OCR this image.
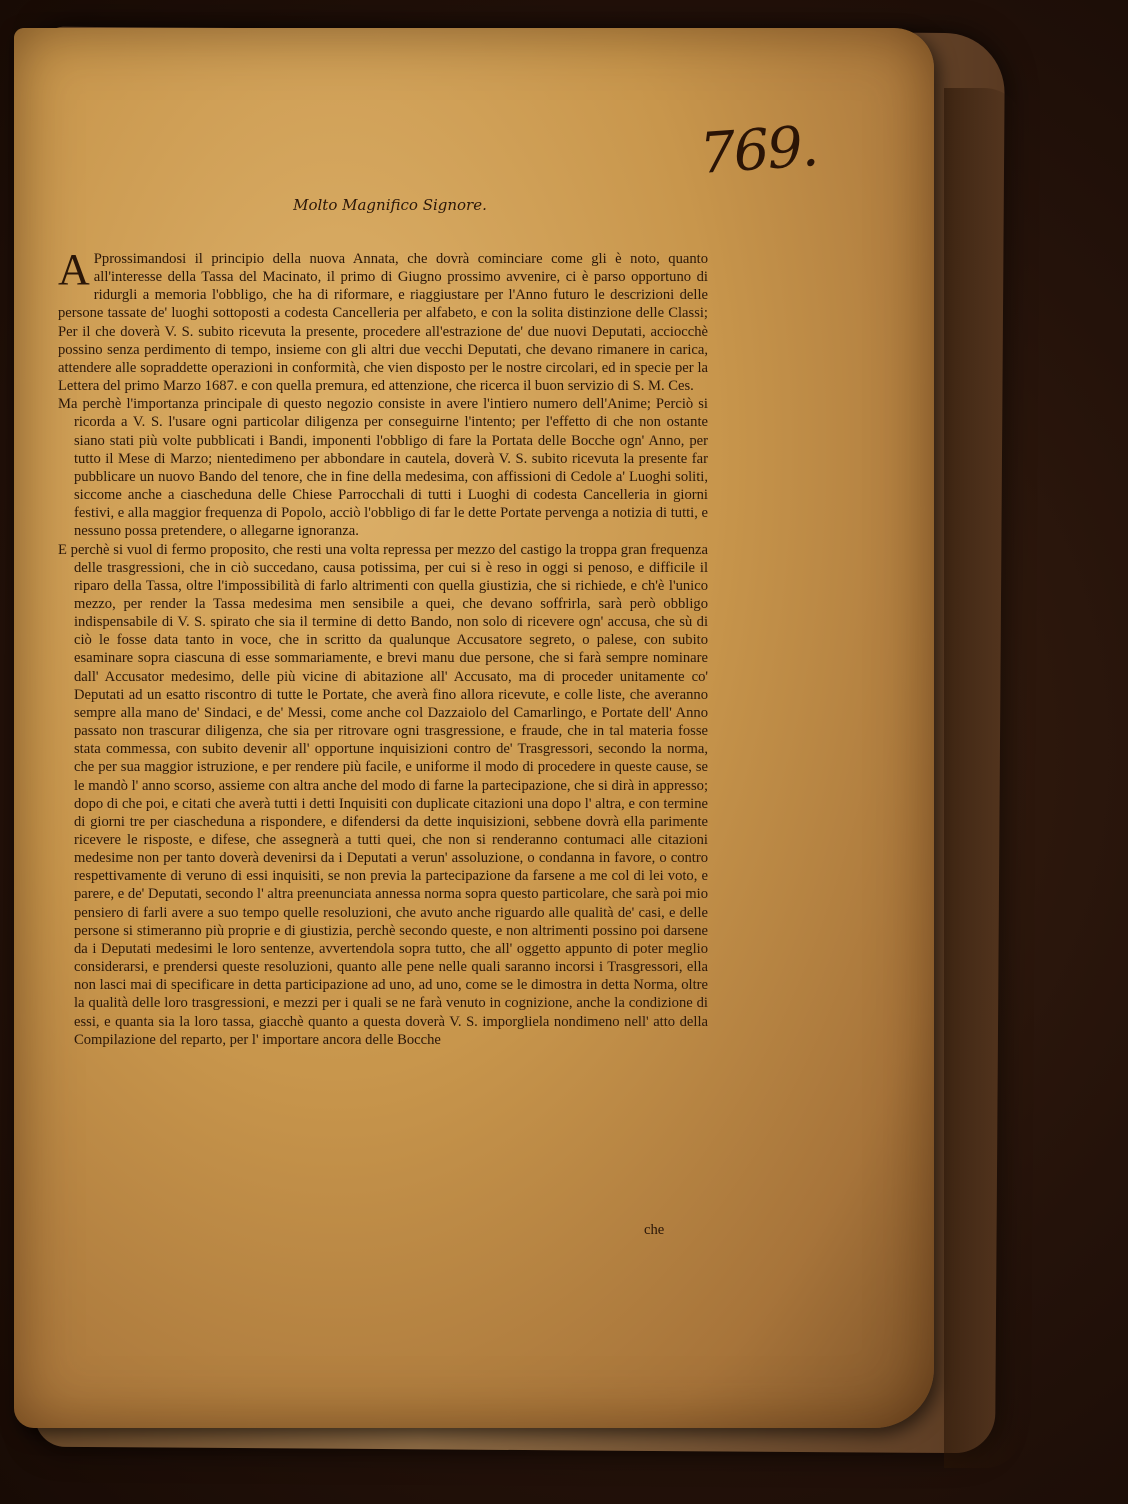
769.
Molto Magnifico Signore.

A Pprossimandosi il principio della nuova Annata, che dovrà cominciare come gli è noto, quanto all'interesse della Tassa del Macinato, il primo di Giugno prossimo avvenire, ci è parso opportuno di ridurgli a memoria l'obbligo, che ha di riformare, e riaggiustare per l'Anno futuro le descrizioni delle persone tassate de' luoghi sottoposti a codesta Cancelleria per alfabeto, e con la solita distinzione delle Classi; Per il che doverà V. S. subito ricevuta la presente, procedere all'estrazione de' due nuovi Deputati, acciocchè possino senza perdimento di tempo, insieme con gli altri due vecchi Deputati, che devano rimanere in carica, attendere alle sopraddette operazioni in conformità, che vien disposto per le nostre circolari, ed in specie per la Lettera del primo Marzo 1687. e con quella premura, ed attenzione, che ricerca il buon servizio di S. M. Ces.

Ma perchè l'importanza principale di questo negozio consiste in avere l'intiero numero dell'Anime; Perciò si ricorda a V. S. l'usare ogni particolar diligenza per conseguirne l'intento; per l'effetto di che non ostante siano stati più volte pubblicati i Bandi, imponenti l'obbligo di fare la Portata delle Bocche ogn' Anno, per tutto il Mese di Marzo; nientedimeno per abbondare in cautela, doverà V. S. subito ricevuta la presente far pubblicare un nuovo Bando del tenore, che in fine della medesima, con affissioni di Cedole a' Luoghi soliti, siccome anche a ciascheduna delle Chiese Parrocchali di tutti i Luoghi di codesta Cancelleria in giorni festivi, e alla maggior frequenza di Popolo, acciò l'obbligo di far le dette Portate pervenga a notizia di tutti, e nessuno possa pretendere, o allegarne ignoranza.

E perchè si vuol di fermo proposito, che resti una volta repressa per mezzo del castigo la troppa gran frequenza delle trasgressioni, che in ciò succedano, causa potissima, per cui si è reso in oggi si penoso, e difficile il riparo della Tassa, oltre l'impossibilità di farlo altrimenti con quella giustizia, che si richiede, e ch'è l'unico mezzo, per render la Tassa medesima men sensibile a quei, che devano soffrirla, sarà però obbligo indispensabile di V. S. spirato che sia il termine di detto Bando, non solo di ricevere ogn' accusa, che sù di ciò le fosse data tanto in voce, che in scritto da qualunque Accusatore segreto, o palese, con subito esaminare sopra ciascuna di esse sommariamente, e brevi manu due persone, che si farà sempre nominare dall' Accusator medesimo, delle più vicine di abitazione all' Accusato, ma di proceder unitamente co' Deputati ad un esatto riscontro di tutte le Portate, che averà fino allora ricevute, e colle liste, che averanno sempre alla mano de' Sindaci, e de' Messi, come anche col Dazzaiolo del Camarlingo, e Portate dell' Anno passato non trascurar diligenza, che sia per ritrovare ogni trasgressione, e fraude, che in tal materia fosse stata commessa, con subito devenir all' opportune inquisizioni contro de' Trasgressori, secondo la norma, che per sua maggior istruzione, e per rendere più facile, e uniforme il modo di procedere in queste cause, se le mandò l' anno scorso, assieme con altra anche del modo di farne la partecipazione, che si dirà in appresso; dopo di che poi, e citati che averà tutti i detti Inquisiti con duplicate citazioni una dopo l' altra, e con termine di giorni tre per ciascheduna a rispondere, e difendersi da dette inquisizioni, sebbene dovrà ella parimente ricevere le risposte, e difese, che assegnerà a tutti quei, che non si renderanno contumaci alle citazioni medesime non per tanto doverà devenirsi da i Deputati a verun' assoluzione, o condanna in favore, o contro respettivamente di veruno di essi inquisiti, se non previa la partecipazione da farsene a me col di lei voto, e parere, e de' Deputati, secondo l' altra preenunciata annessa norma sopra questo particolare, che sarà poi mio pensiero di farli avere a suo tempo quelle resoluzioni, che avuto anche riguardo alle qualità de' casi, e delle persone si stimeranno più proprie e di giustizia, perchè secondo queste, e non altrimenti possino poi darsene da i Deputati medesimi le loro sentenze, avvertendola sopra tutto, che all' oggetto appunto di poter meglio considerarsi, e prendersi queste resoluzioni, quanto alle pene nelle quali saranno incorsi i Trasgressori, ella non lasci mai di specificare in detta participazione ad uno, ad uno, come se le dimostra in detta Norma, oltre la qualità delle loro trasgressioni, e mezzi per i quali se ne farà venuto in cognizione, anche la condizione di essi, e quanta sia la loro tassa, giacchè quanto a questa doverà V. S. imporgliela nondimeno nell' atto della Compilazione del reparto, per l' importare ancora delle Bocche

che
